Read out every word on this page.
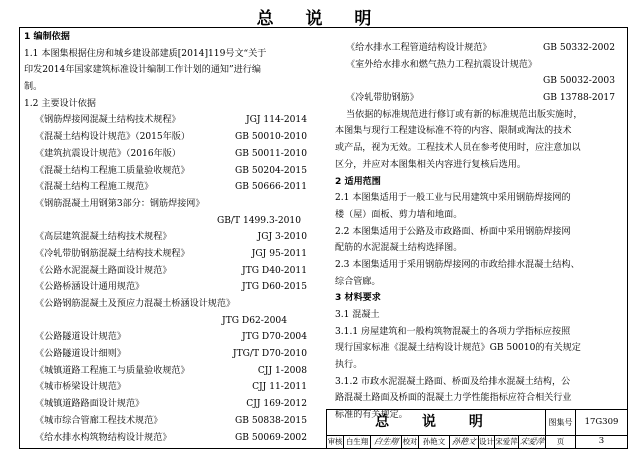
总 说 明
1 编制依据
1.1 本图集根据住房和城乡建设部建质[2014]119号文“关于
印发2014年国家建筑标准设计编制工作计划的通知”进行编
制。
1.2 主要设计依据
《钢筋焊接网混凝土结构技术规程》	JGJ 114-2014
《混凝土结构设计规范》（2015年版）	GB 50010-2010
《建筑抗震设计规范》（2016年版）	GB 50011-2010
《混凝土结构工程施工质量验收规范》	GB 50204-2015
《混凝土结构工程施工规范》	GB 50666-2011
《钢筋混凝土用钢第3部分：钢筋焊接网》
GB/T 1499.3-2010
《高层建筑混凝土结构技术规程》	JGJ 3-2010
《冷轧带肋钢筋混凝土结构技术规程》	JGJ 95-2011
《公路水泥混凝土路面设计规范》	JTG D40-2011
《公路桥涵设计通用规范》	JTG D60-2015
《公路钢筋混凝土及预应力混凝土桥涵设计规范》
JTG D62-2004
《公路隧道设计规范》	JTG D70-2004
《公路隧道设计细则》	JTG/T D70-2010
《城镇道路工程施工与质量验收规范》	CJJ 1-2008
《城市桥梁设计规范》	CJJ 11-2011
《城镇道路路面设计规范》	CJJ 169-2012
《城市综合管廊工程技术规范》	GB 50838-2015
《给水排水构筑物结构设计规范》	GB 50069-2002
《给水排水工程管道结构设计规范》	GB 50332-2002
《室外给水排水和燃气热力工程抗震设计规范》
GB 50032-2003
《冷轧带肋钢筋》	GB 13788-2017
当依据的标准规范进行修订或有新的标准规范出版实施时，
本图集与现行工程建设标准不符的内容、限制或淘汰的技术
或产品，视为无效。工程技术人员在参考使用时，应注意加以
区分，并应对本图集相关内容进行复核后选用。
2 适用范围
2.1 本图集适用于一般工业与民用建筑中采用钢筋焊接网的
楼（屋）面板、剪力墙和地面。
2.2 本图集适用于公路及市政路面、桥面中采用钢筋焊接网
配筋的水泥混凝土结构选择图。
2.3 本图集适用于采用钢筋焊接网的市政给排水混凝土结构、
综合管廊。
3 材料要求
3.1 混凝土
3.1.1 房屋建筑和一般构筑物混凝土的各项力学指标应按照
现行国家标准《混凝土结构设计规范》GB 50010的有关规定
执行。
3.1.2 市政水泥混凝土路面、桥面及给排水混凝土结构，公
路混凝土路面及桥面的混凝土力学性能指标应符合相关行业
标准的有关规定。
总 说 明	图集号	17G309
审核 白生翔 白生翔 校对 孙艳文 孙艳文 设计 宋爱萍 宋爱萍	页	3
